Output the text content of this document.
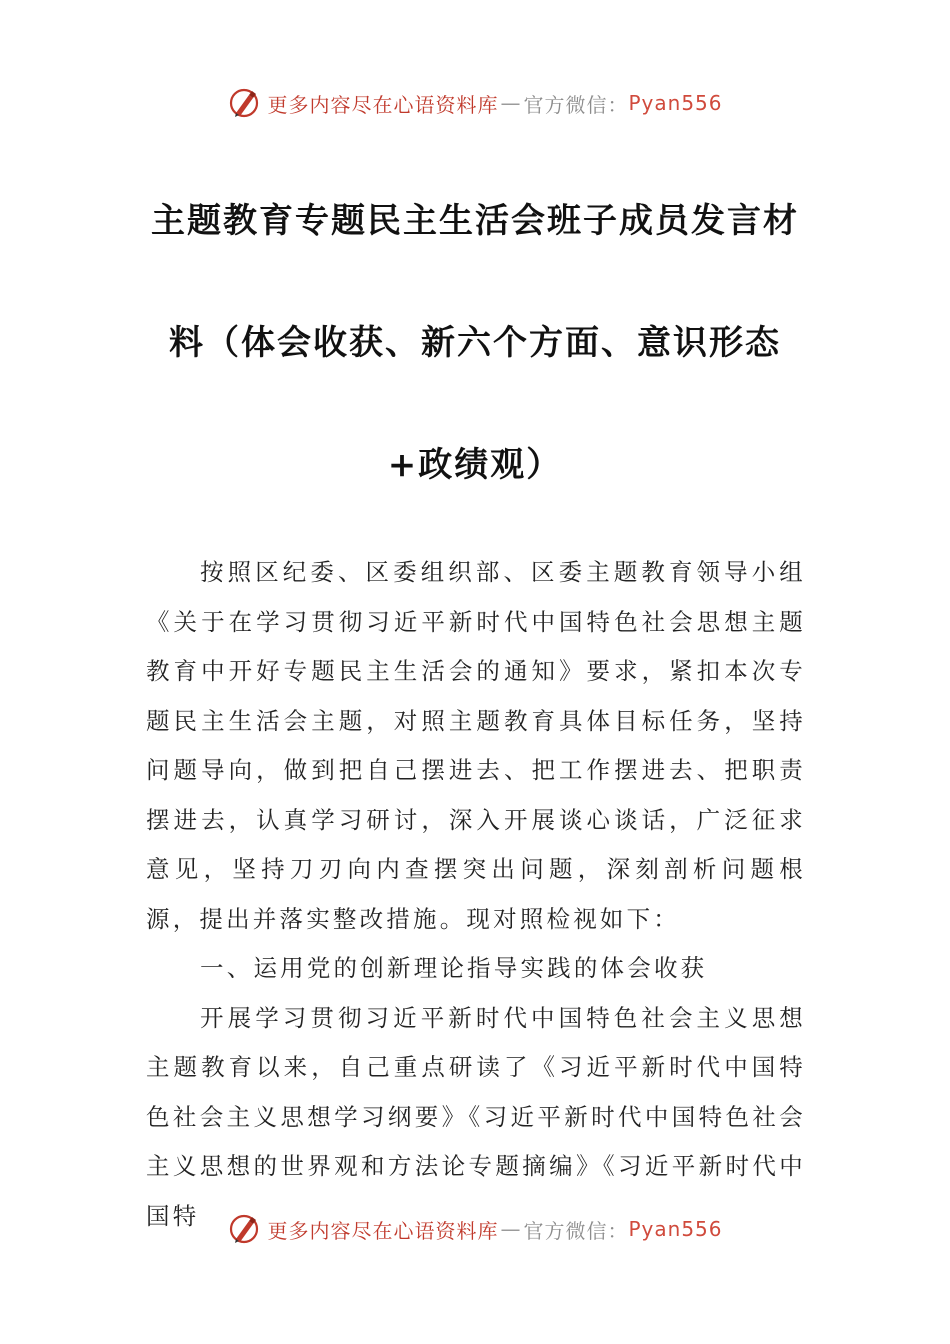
更多内容尽在心语资料库 — 官方微信： Pyan556
主题教育专题民主生活会班子成员发言材料（体会收获、新六个方面、意识形态+政绩观）

按照区纪委、区委组织部、区委主题教育领导小组《关于在学习贯彻习近平新时代中国特色社会思想主题教育中开好专题民主生活会的通知》要求，紧扣本次专题民主生活会主题，对照主题教育具体目标任务，坚持问题导向，做到把自己摆进去、把工作摆进去、把职责摆进去，认真学习研讨，深入开展谈心谈话，广泛征求意见，坚持刀刃向内查摆突出问题，深刻剖析问题根源，提出并落实整改措施。现对照检视如下：

一、运用党的创新理论指导实践的体会收获

开展学习贯彻习近平新时代中国特色社会主义思想主题教育以来，自己重点研读了《习近平新时代中国特色社会主义思想学习纲要》《习近平新时代中国特色社会主义思想的世界观和方法论专题摘编》《习近平新时代中国特

更多内容尽在心语资料库 — 官方微信： Pyan556
